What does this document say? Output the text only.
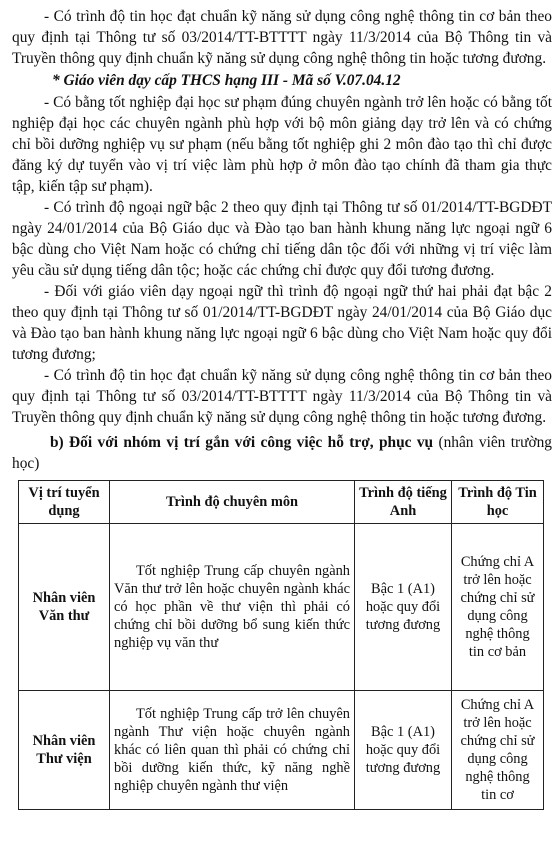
- Có trình độ tin học đạt chuẩn kỹ năng sử dụng công nghệ thông tin cơ bản theo quy định tại Thông tư số 03/2014/TT-BTTTT ngày 11/3/2014 của Bộ Thông tin và Truyền thông quy định chuẩn kỹ năng sử dụng công nghệ thông tin hoặc tương đương.

* Giáo viên dạy cấp THCS hạng III - Mã số V.07.04.12

- Có bằng tốt nghiệp đại học sư phạm đúng chuyên ngành trở lên hoặc có bằng tốt nghiệp đại học các chuyên ngành phù hợp với bộ môn giảng dạy trở lên và có chứng chỉ bồi dưỡng nghiệp vụ sư phạm (nếu bằng tốt nghiệp ghi 2 môn đào tạo thì chỉ được đăng ký dự tuyển vào vị trí việc làm phù hợp ở môn đào tạo chính đã tham gia thực tập, kiến tập sư phạm).

- Có trình độ ngoại ngữ bậc 2 theo quy định tại Thông tư số 01/2014/TT-BGDĐT ngày 24/01/2014 của Bộ Giáo dục và Đào tạo ban hành khung năng lực ngoại ngữ 6 bậc dùng cho Việt Nam hoặc có chứng chỉ tiếng dân tộc đối với những vị trí việc làm yêu cầu sử dụng tiếng dân tộc; hoặc các chứng chỉ được quy đổi tương đương.

- Đối với giáo viên dạy ngoại ngữ thì trình độ ngoại ngữ thứ hai phải đạt bậc 2 theo quy định tại Thông tư số 01/2014/TT-BGDĐT ngày 24/01/2014 của Bộ Giáo dục và Đào tạo ban hành khung năng lực ngoại ngữ 6 bậc dùng cho Việt Nam hoặc quy đổi tương đương;

- Có trình độ tin học đạt chuẩn kỹ năng sử dụng công nghệ thông tin cơ bản theo quy định tại Thông tư số 03/2014/TT-BTTTT ngày 11/3/2014 của Bộ Thông tin và Truyền thông quy định chuẩn kỹ năng sử dụng công nghệ thông tin hoặc tương đương.

b) Đối với nhóm vị trí gắn với công việc hỗ trợ, phục vụ (nhân viên trường học)

Vị trí tuyển dụng	Trình độ chuyên môn	Trình độ tiếng Anh	Trình độ Tin học
Nhân viên Văn thư	Tốt nghiệp Trung cấp chuyên ngành Văn thư trở lên hoặc chuyên ngành khác có học phần về thư viện thì phải có chứng chỉ bồi dưỡng bổ sung kiến thức nghiệp vụ văn thư	Bậc 1 (A1) hoặc quy đổi tương đương	Chứng chỉ A trở lên hoặc chứng chỉ sử dụng công nghệ thông tin cơ bản
Nhân viên Thư viện	Tốt nghiệp Trung cấp trở lên chuyên ngành Thư viện hoặc chuyên ngành khác có liên quan thì phải có chứng chỉ bồi dưỡng kiến thức, kỹ năng nghề nghiệp chuyên ngành thư viện	Bậc 1 (A1) hoặc quy đổi tương đương	Chứng chỉ A trở lên hoặc chứng chỉ sử dụng công nghệ thông tin cơ
